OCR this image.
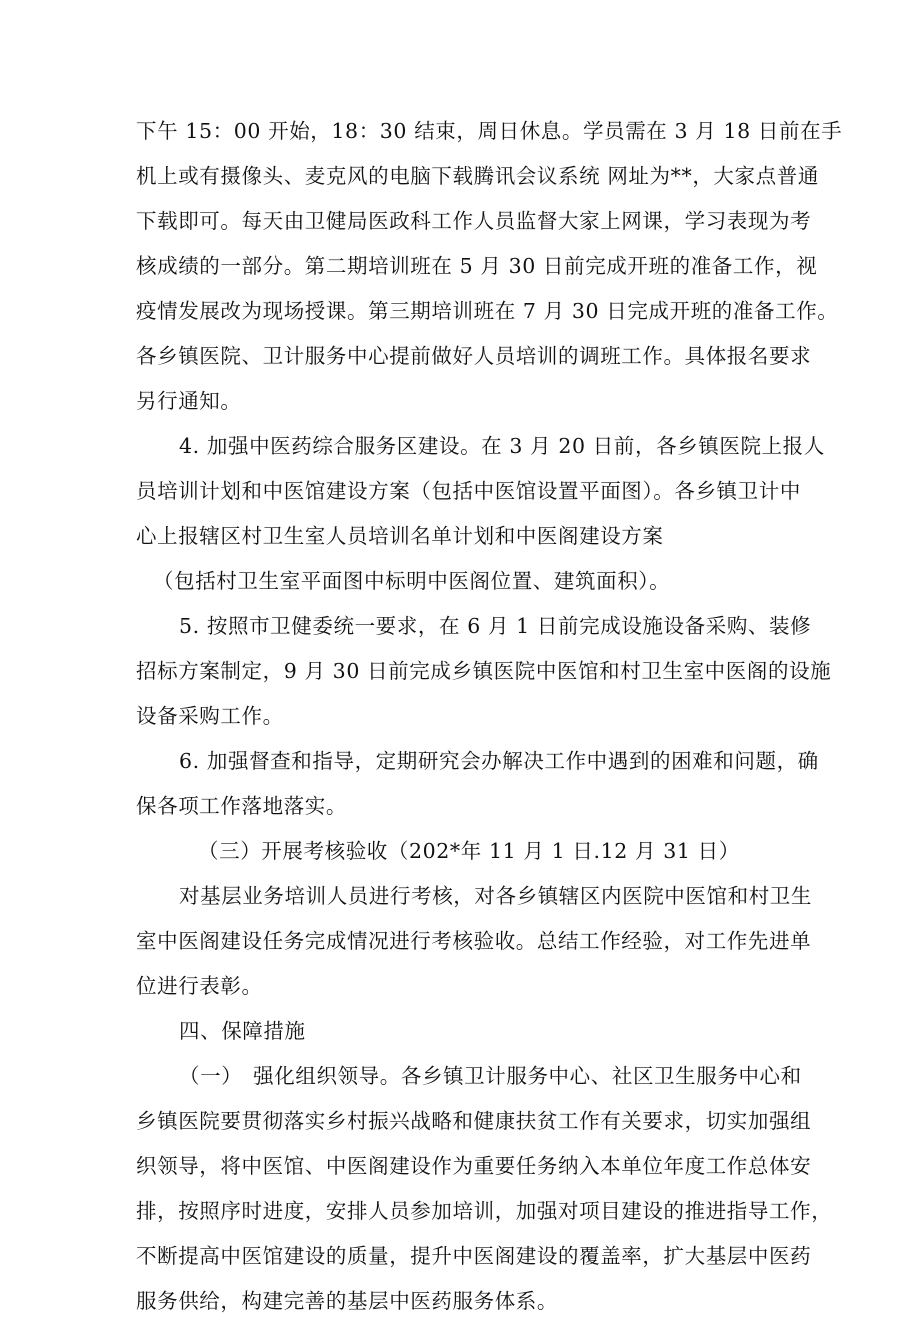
下午 15：00 开始，18：30 结束，周日休息。学员需在 3 月 18 日前在手
机上或有摄像头、麦克风的电脑下载腾讯会议系统 网址为**，大家点普通
下载即可。每天由卫健局医政科工作人员监督大家上网课，学习表现为考
核成绩的一部分。第二期培训班在 5 月 30 日前完成开班的准备工作，视
疫情发展改为现场授课。第三期培训班在 7 月 30 日完成开班的准备工作。
各乡镇医院、卫计服务中心提前做好人员培训的调班工作。具体报名要求
另行通知。
4. 加强中医药综合服务区建设。在 3 月 20 日前，各乡镇医院上报人
员培训计划和中医馆建设方案（包括中医馆设置平面图）。各乡镇卫计中
心上报辖区村卫生室人员培训名单计划和中医阁建设方案
（包括村卫生室平面图中标明中医阁位置、建筑面积）。
5. 按照市卫健委统一要求，在 6 月 1 日前完成设施设备采购、装修
招标方案制定，9 月 30 日前完成乡镇医院中医馆和村卫生室中医阁的设施
设备采购工作。
6. 加强督查和指导，定期研究会办解决工作中遇到的困难和问题，确
保各项工作落地落实。
（三）开展考核验收（202*年 11 月 1 日.12 月 31 日）
对基层业务培训人员进行考核，对各乡镇辖区内医院中医馆和村卫生
室中医阁建设任务完成情况进行考核验收。总结工作经验，对工作先进单
位进行表彰。
四、保障措施
（一）　强化组织领导。各乡镇卫计服务中心、社区卫生服务中心和
乡镇医院要贯彻落实乡村振兴战略和健康扶贫工作有关要求，切实加强组
织领导，将中医馆、中医阁建设作为重要任务纳入本单位年度工作总体安
排，按照序时进度，安排人员参加培训，加强对项目建设的推进指导工作，
不断提高中医馆建设的质量，提升中医阁建设的覆盖率，扩大基层中医药
服务供给，构建完善的基层中医药服务体系。
